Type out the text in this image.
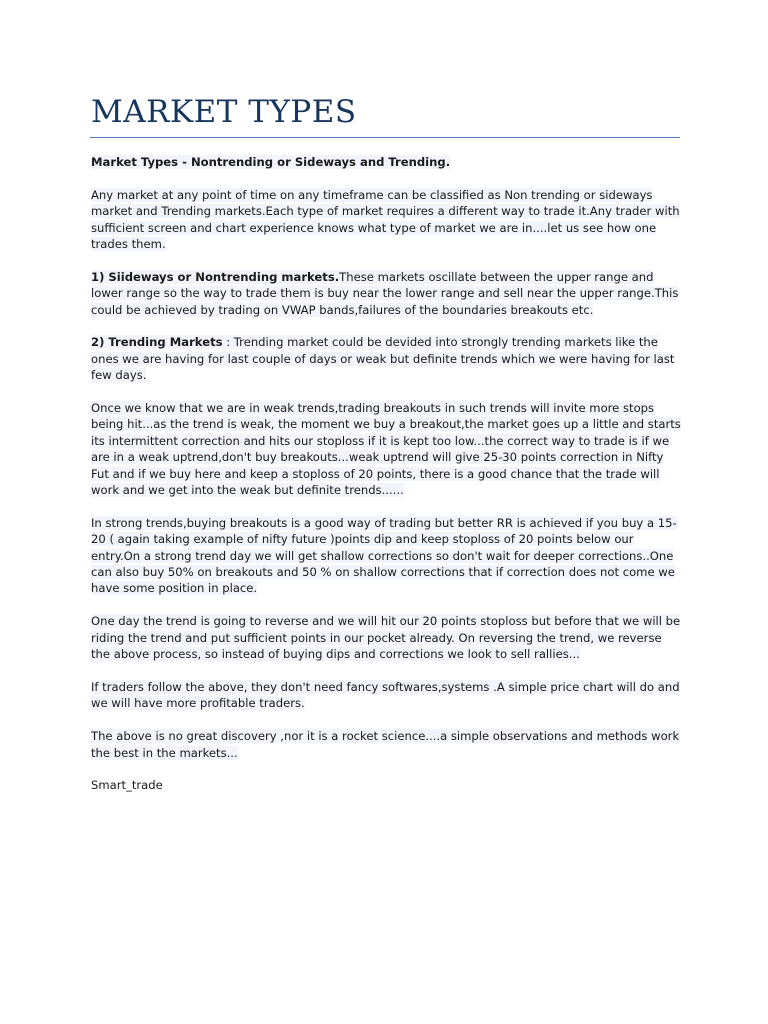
MARKET TYPES

Market Types - Nontrending or Sideways and Trending.

Any market at any point of time on any timeframe can be classified as Non trending or sideways market and Trending markets.Each type of market requires a different way to trade it.Any trader with sufficient screen and chart experience knows what type of market we are in....let us see how one trades them.

1) Siideways or Nontrending markets.These markets oscillate between the upper range and lower range so the way to trade them is buy near the lower range and sell near the upper range.This could be achieved by trading on VWAP bands,failures of the boundaries breakouts etc.

2) Trending Markets : Trending market could be devided into strongly trending markets like the ones we are having for last couple of days or weak but definite trends which we were having for last few days.

Once we know that we are in weak trends,trading breakouts in such trends will invite more stops being hit...as the trend is weak, the moment we buy a breakout,the market goes up a little and starts its intermittent correction and hits our stoploss if it is kept too low...the correct way to trade is if we are in a weak uptrend,don't buy breakouts...weak uptrend will give 25-30 points correction in Nifty Fut and if we buy here and keep a stoploss of 20 points, there is a good chance that the trade will work and we get into the weak but definite trends......

In strong trends,buying breakouts is a good way of trading but better RR is achieved if you buy a 15-20 ( again taking example of nifty future )points dip and keep stoploss of 20 points below our entry.On a strong trend day we will get shallow corrections so don't wait for deeper corrections..One can also buy 50% on breakouts and 50 % on shallow corrections that if correction does not come we have some position in place.

One day the trend is going to reverse and we will hit our 20 points stoploss but before that we will be riding the trend and put sufficient points in our pocket already. On reversing the trend, we reverse the above process, so instead of buying dips and corrections we look to sell rallies...

If traders follow the above, they don't need fancy softwares,systems .A simple price chart will do and we will have more profitable traders.

The above is no great discovery ,nor it is a rocket science....a simple observations and methods work the best in the markets...

Smart_trade
